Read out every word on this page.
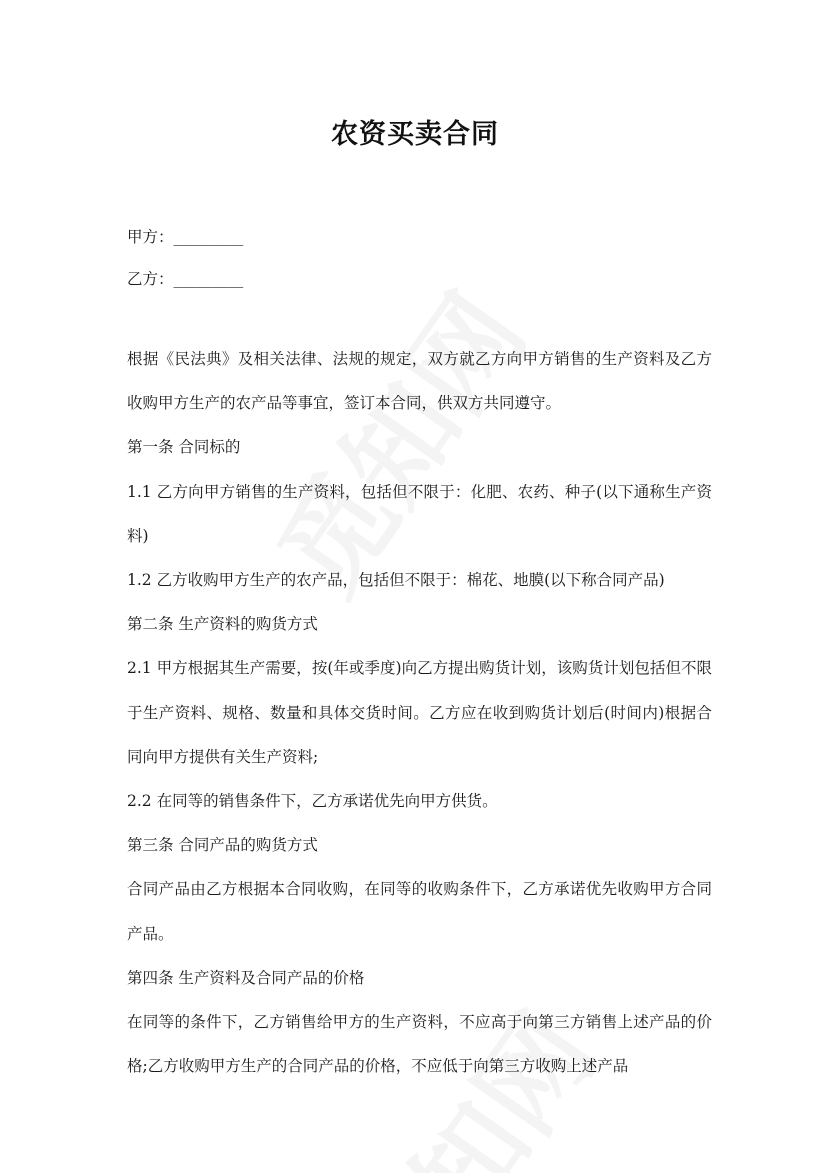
农资买卖合同
甲方：_________
乙方：_________

根据《民法典》及相关法律、法规的规定，双方就乙方向甲方销售的生产资料及乙方收购甲方生产的农产品等事宜，签订本合同，供双方共同遵守。

第一条 合同标的

1.1 乙方向甲方销售的生产资料，包括但不限于：化肥、农药、种子(以下通称生产资料)

1.2 乙方收购甲方生产的农产品，包括但不限于：棉花、地膜(以下称合同产品)

第二条 生产资料的购货方式

2.1 甲方根据其生产需要，按(年或季度)向乙方提出购货计划，该购货计划包括但不限于生产资料、规格、数量和具体交货时间。乙方应在收到购货计划后(时间内)根据合同向甲方提供有关生产资料;

2.2 在同等的销售条件下，乙方承诺优先向甲方供货。

第三条 合同产品的购货方式

合同产品由乙方根据本合同收购，在同等的收购条件下，乙方承诺优先收购甲方合同产品。

第四条 生产资料及合同产品的价格

在同等的条件下，乙方销售给甲方的生产资料，不应高于向第三方销售上述产品的价格;乙方收购甲方生产的合同产品的价格，不应低于向第三方收购上述产品
